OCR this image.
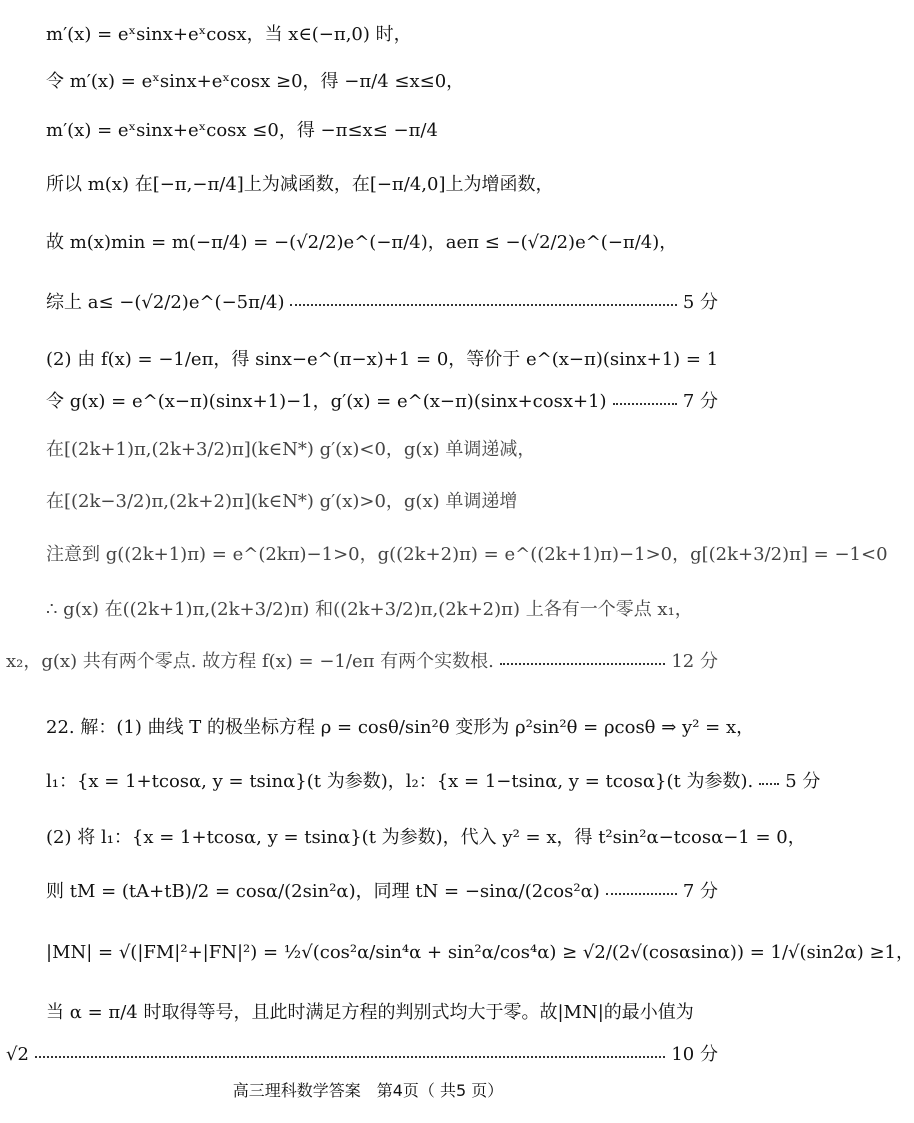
m′(x) = eˣsinx+eˣcosx，当 x∈(−π,0) 时，
令 m′(x) = eˣsinx+eˣcosx ≥0，得 −π/4 ≤x≤0，
m′(x) = eˣsinx+eˣcosx ≤0，得 −π≤x≤ −π/4
所以 m(x) 在[−π,−π/4]上为减函数，在[−π/4,0]上为增函数，
故 m(x)min = m(−π/4) = −(√2/2)e^(−π/4)，aeπ ≤ −(√2/2)e^(−π/4)，
综上 a≤ −(√2/2)e^(−5π/4)	5 分
(2) 由 f(x) = −1/eπ，得 sinx−e^(π−x)+1 = 0，等价于 e^(x−π)(sinx+1) = 1
令 g(x) = e^(x−π)(sinx+1)−1，g′(x) = e^(x−π)(sinx+cosx+1)	7 分
在[(2k+1)π,(2k+3/2)π](k∈N*) g′(x)<0，g(x) 单调递减，
在[(2k−3/2)π,(2k+2)π](k∈N*) g′(x)>0，g(x) 单调递增
注意到 g((2k+1)π) = e^(2kπ)−1>0，g((2k+2)π) = e^((2k+1)π)−1>0，g[(2k+3/2)π] = −1<0
∴ g(x) 在((2k+1)π,(2k+3/2)π) 和((2k+3/2)π,(2k+2)π) 上各有一个零点 x₁，
x₂，g(x) 共有两个零点. 故方程 f(x) = −1/eπ 有两个实数根.	12 分
22. 解：(1) 曲线 T 的极坐标方程 ρ = cosθ/sin²θ 变形为 ρ²sin²θ = ρcosθ ⇒ y² = x，
l₁：{x = 1+tcosα, y = tsinα}(t 为参数)，l₂：{x = 1−tsinα, y = tcosα}(t 为参数). 5 分
(2) 将 l₁：{x = 1+tcosα, y = tsinα}(t 为参数)，代入 y² = x，得 t²sin²α−tcosα−1 = 0，
则 tM = (tA+tB)/2 = cosα/(2sin²α)，同理 tN = −sinα/(2cos²α)	7 分
|MN| = √(|FM|²+|FN|²) = ½√(cos²α/sin⁴α + sin²α/cos⁴α) ≥ √2/(2√(cosαsinα)) = 1/√(sin2α) ≥1，
当 α = π/4 时取得等号，且此时满足方程的判别式均大于零。故|MN|的最小值为
√2	10 分
高三理科数学答案　第4页（ 共5 页）
